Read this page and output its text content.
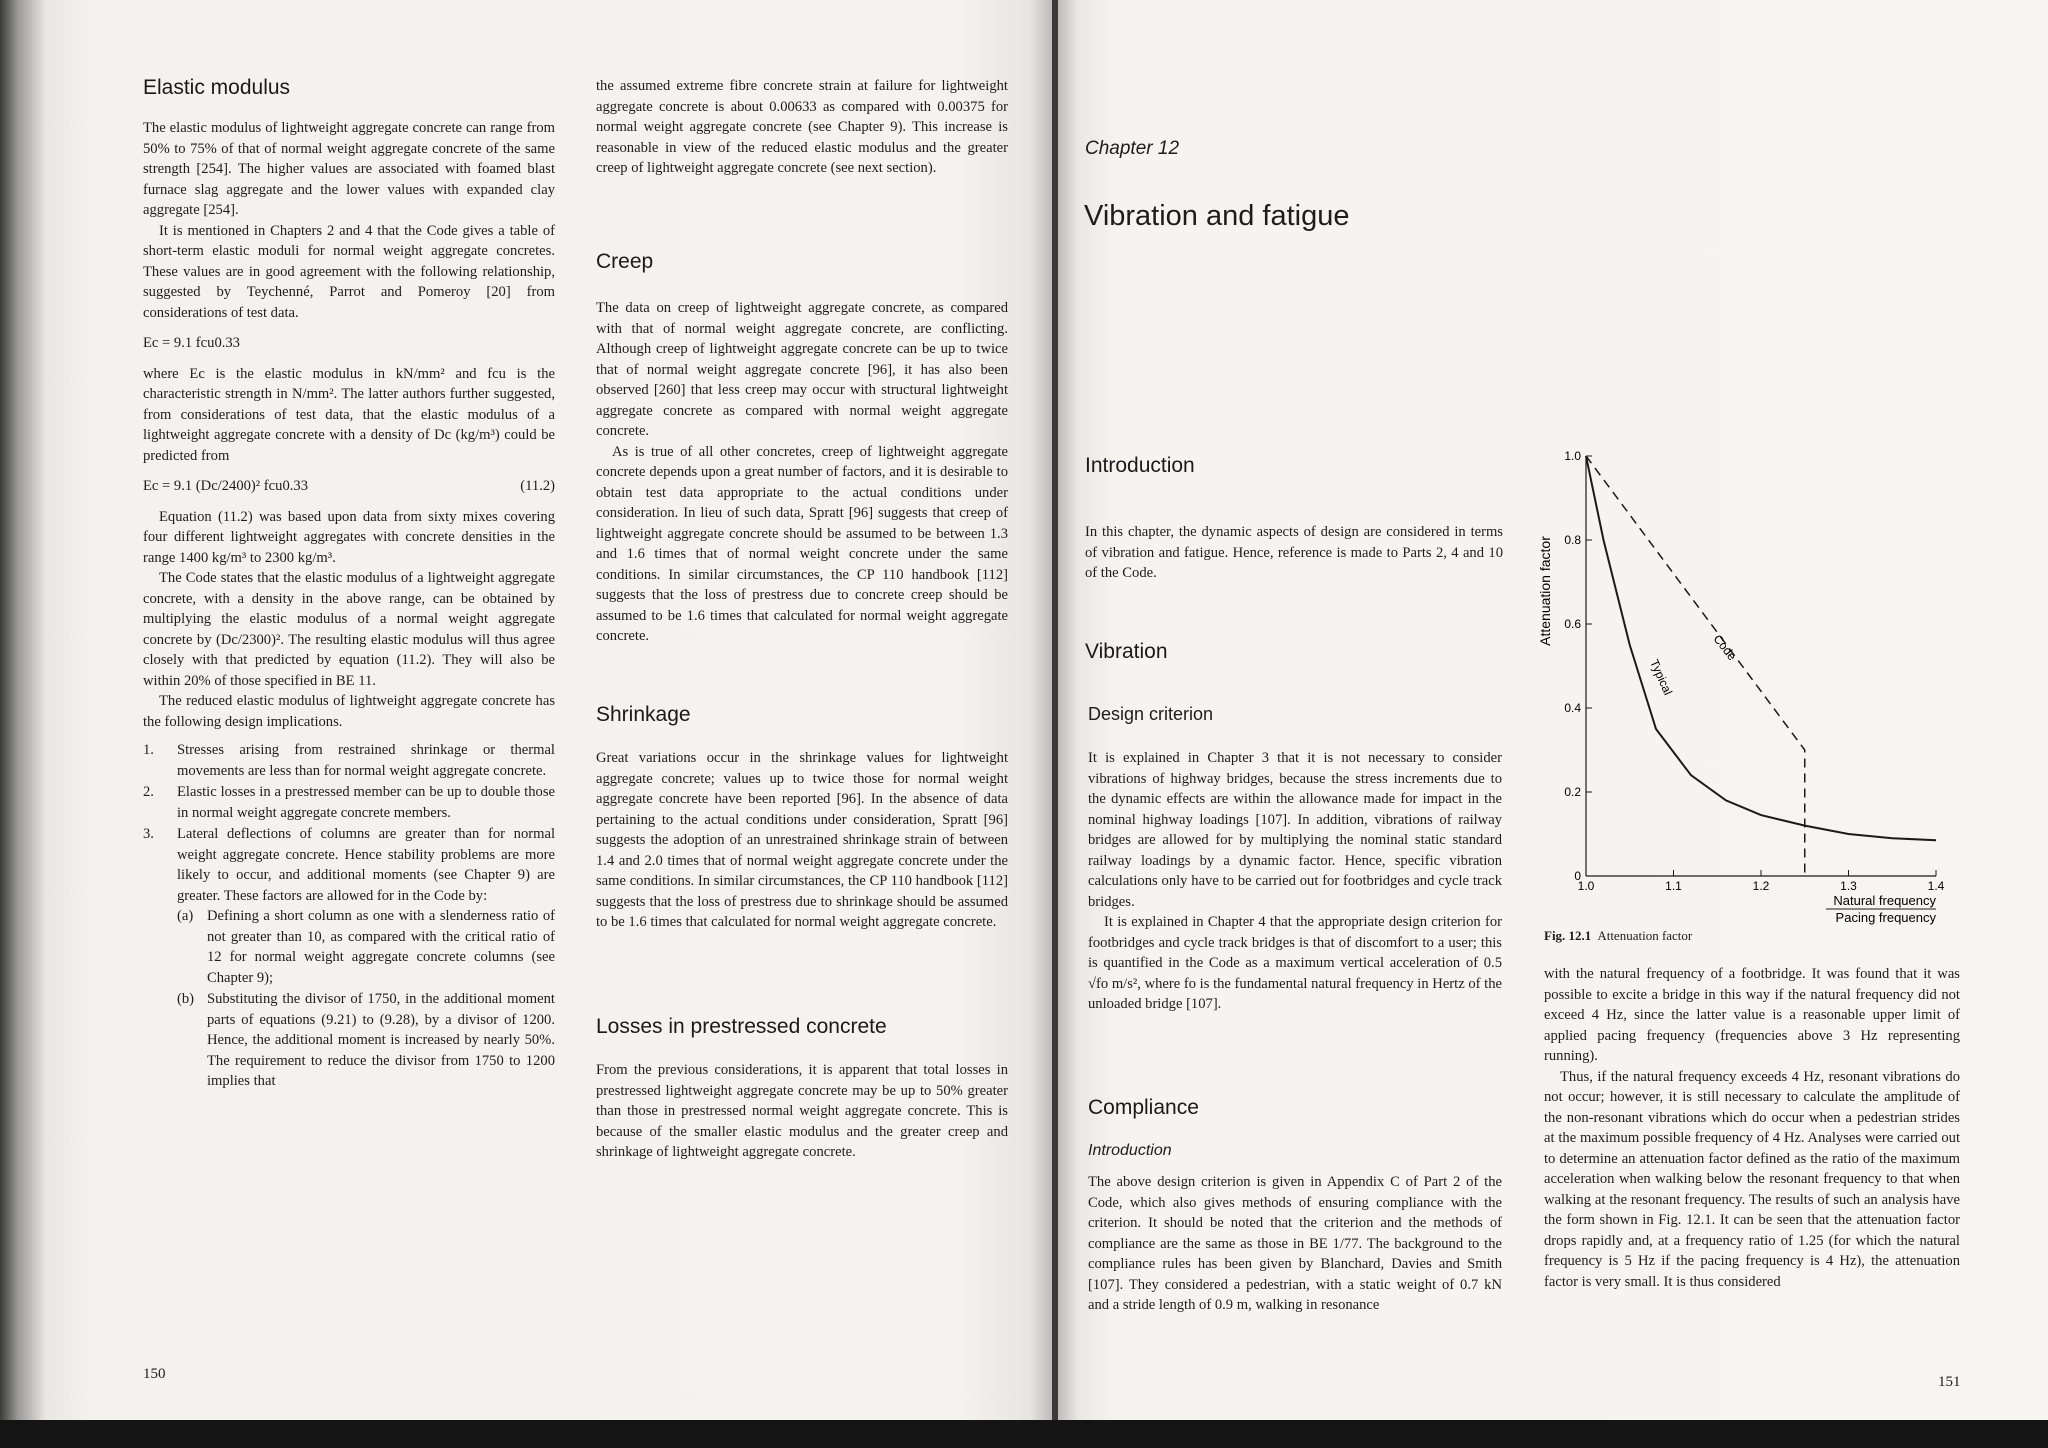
Elastic modulus

The elastic modulus of lightweight aggregate concrete can range from 50% to 75% of that of normal weight aggregate concrete of the same strength [254]. The higher values are associated with foamed blast furnace slag aggregate and the lower values with expanded clay aggregate [254].

It is mentioned in Chapters 2 and 4 that the Code gives a table of short-term elastic moduli for normal weight aggregate concretes. These values are in good agreement with the following relationship, suggested by Teychenné, Parrot and Pomeroy [20] from considerations of test data.

Ec = 9.1 fcu0.33

where Ec is the elastic modulus in kN/mm² and fcu is the characteristic strength in N/mm². The latter authors further suggested, from considerations of test data, that the elastic modulus of a lightweight aggregate concrete with a density of Dc (kg/m³) could be predicted from

Ec = 9.1 (Dc/2400)² fcu0.33	(11.2)

Equation (11.2) was based upon data from sixty mixes covering four different lightweight aggregates with concrete densities in the range 1400 kg/m³ to 2300 kg/m³.

The Code states that the elastic modulus of a lightweight aggregate concrete, with a density in the above range, can be obtained by multiplying the elastic modulus of a normal weight aggregate concrete by (Dc/2300)². The resulting elastic modulus will thus agree closely with that predicted by equation (11.2). They will also be within 20% of those specified in BE 11.

The reduced elastic modulus of lightweight aggregate concrete has the following design implications.

1. Stresses arising from restrained shrinkage or thermal movements are less than for normal weight aggregate concrete.
2. Elastic losses in a prestressed member can be up to double those in normal weight aggregate concrete members.
3. Lateral deflections of columns are greater than for normal weight aggregate concrete. Hence stability problems are more likely to occur, and additional moments (see Chapter 9) are greater. These factors are allowed for in the Code by:
(a) Defining a short column as one with a slenderness ratio of not greater than 10, as compared with the critical ratio of 12 for normal weight aggregate concrete columns (see Chapter 9);
(b) Substituting the divisor of 1750, in the additional moment parts of equations (9.21) to (9.28), by a divisor of 1200. Hence, the additional moment is increased by nearly 50%. The requirement to reduce the divisor from 1750 to 1200 implies that

the assumed extreme fibre concrete strain at failure for lightweight aggregate concrete is about 0.00633 as compared with 0.00375 for normal weight aggregate concrete (see Chapter 9). This increase is reasonable in view of the reduced elastic modulus and the greater creep of lightweight aggregate concrete (see next section).

Creep

The data on creep of lightweight aggregate concrete, as compared with that of normal weight aggregate concrete, are conflicting. Although creep of lightweight aggregate concrete can be up to twice that of normal weight aggregate concrete [96], it has also been observed [260] that less creep may occur with structural lightweight aggregate concrete as compared with normal weight aggregate concrete.

As is true of all other concretes, creep of lightweight aggregate concrete depends upon a great number of factors, and it is desirable to obtain test data appropriate to the actual conditions under consideration. In lieu of such data, Spratt [96] suggests that creep of lightweight aggregate concrete should be assumed to be between 1.3 and 1.6 times that of normal weight concrete under the same conditions. In similar circumstances, the CP 110 handbook [112] suggests that the loss of prestress due to concrete creep should be assumed to be 1.6 times that calculated for normal weight aggregate concrete.

Shrinkage

Great variations occur in the shrinkage values for lightweight aggregate concrete; values up to twice those for normal weight aggregate concrete have been reported [96]. In the absence of data pertaining to the actual conditions under consideration, Spratt [96] suggests the adoption of an unrestrained shrinkage strain of between 1.4 and 2.0 times that of normal weight aggregate concrete under the same conditions. In similar circumstances, the CP 110 handbook [112] suggests that the loss of prestress due to shrinkage should be assumed to be 1.6 times that calculated for normal weight aggregate concrete.

Losses in prestressed concrete

From the previous considerations, it is apparent that total losses in prestressed lightweight aggregate concrete may be up to 50% greater than those in prestressed normal weight aggregate concrete. This is because of the smaller elastic modulus and the greater creep and shrinkage of lightweight aggregate concrete.

150
Chapter 12
Vibration and fatigue
Introduction

In this chapter, the dynamic aspects of design are considered in terms of vibration and fatigue. Hence, reference is made to Parts 2, 4 and 10 of the Code.

Vibration
Design criterion

It is explained in Chapter 3 that it is not necessary to consider vibrations of highway bridges, because the stress increments due to the dynamic effects are within the allowance made for impact in the nominal highway loadings [107]. In addition, vibrations of railway bridges are allowed for by multiplying the nominal static standard railway loadings by a dynamic factor. Hence, specific vibration calculations only have to be carried out for footbridges and cycle track bridges.

It is explained in Chapter 4 that the appropriate design criterion for footbridges and cycle track bridges is that of discomfort to a user; this is quantified in the Code as a maximum vertical acceleration of 0.5 √fo m/s², where fo is the fundamental natural frequency in Hertz of the unloaded bridge [107].

Compliance
Introduction

The above design criterion is given in Appendix C of Part 2 of the Code, which also gives methods of ensuring compliance with the criterion. It should be noted that the criterion and the methods of compliance are the same as those in BE 1/77. The background to the compliance rules has been given by Blanchard, Davies and Smith [107]. They considered a pedestrian, with a static weight of 0.7 kN and a stride length of 0.9 m, walking in resonance

with the natural frequency of a footbridge. It was found that it was possible to excite a bridge in this way if the natural frequency did not exceed 4 Hz, since the latter value is a reasonable upper limit of applied pacing frequency (frequencies above 3 Hz representing running).

Thus, if the natural frequency exceeds 4 Hz, resonant vibrations do not occur; however, it is still necessary to calculate the amplitude of the non-resonant vibrations which do occur when a pedestrian strides at the maximum possible frequency of 4 Hz. Analyses were carried out to determine an attenuation factor defined as the ratio of the maximum acceleration when walking below the resonant frequency to that when walking at the resonant frequency. The results of such an analysis have the form shown in Fig. 12.1. It can be seen that the attenuation factor drops rapidly and, at a frequency ratio of 1.25 (for which the natural frequency is 5 Hz if the pacing frequency is 4 Hz), the attenuation factor is very small. It is thus considered

Attenuation factor
0
0.2
0.4
0.6
0.8
1.0
1.0	1.1	1.2	1.3	1.4
Code
Typical
Natural frequency
Pacing frequency
Fig. 12.1 Attenuation factor
151
